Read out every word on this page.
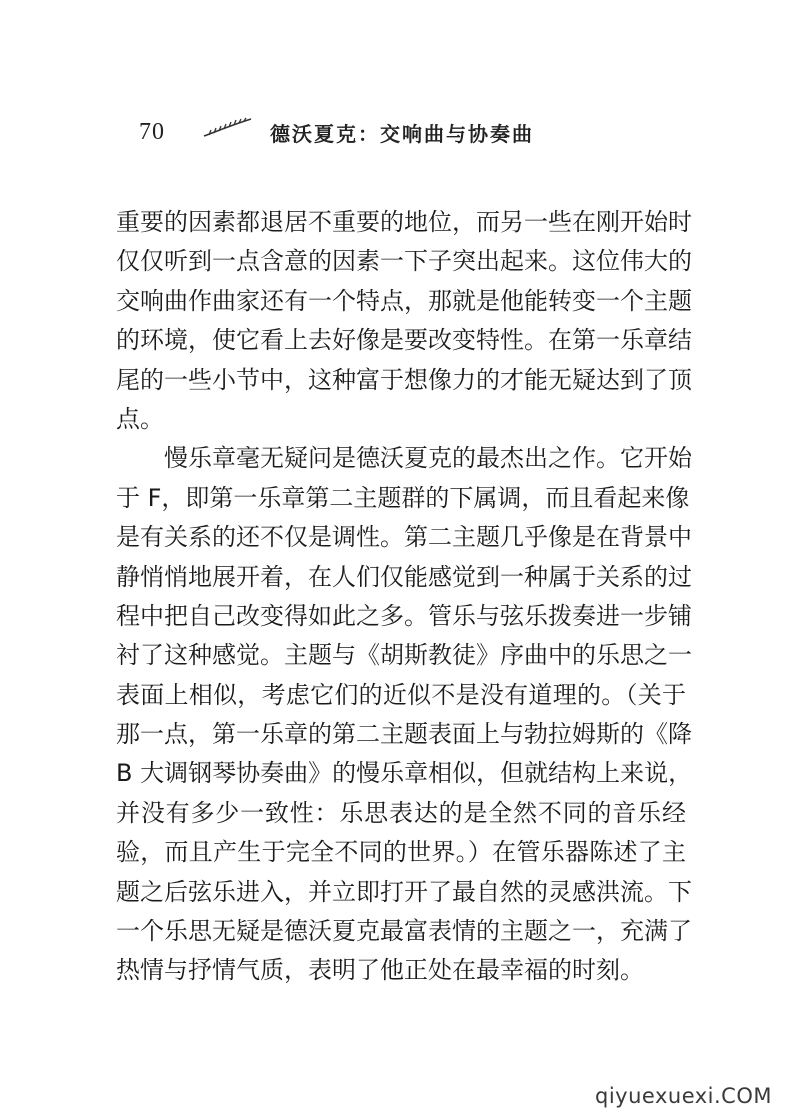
70	德沃夏克：交响曲与协奏曲
重要的因素都退居不重要的地位，而另一些在刚开始时
仅仅听到一点含意的因素一下子突出起来。这位伟大的
交响曲作曲家还有一个特点，那就是他能转变一个主题
的环境，使它看上去好像是要改变特性。在第一乐章结
尾的一些小节中，这种富于想像力的才能无疑达到了顶
点。
慢乐章毫无疑问是德沃夏克的最杰出之作。它开始
于 F，即第一乐章第二主题群的下属调，而且看起来像
是有关系的还不仅是调性。第二主题几乎像是在背景中
静悄悄地展开着，在人们仅能感觉到一种属于关系的过
程中把自己改变得如此之多。管乐与弦乐拨奏进一步铺
衬了这种感觉。主题与《胡斯教徒》序曲中的乐思之一
表面上相似，考虑它们的近似不是没有道理的。（关于
那一点，第一乐章的第二主题表面上与勃拉姆斯的《降
B 大调钢琴协奏曲》的慢乐章相似，但就结构上来说，
并没有多少一致性：乐思表达的是全然不同的音乐经
验，而且产生于完全不同的世界。）在管乐器陈述了主
题之后弦乐进入，并立即打开了最自然的灵感洪流。下
一个乐思无疑是德沃夏克最富表情的主题之一，充满了
热情与抒情气质，表明了他正处在最幸福的时刻。
qiyuexuexi.COM
